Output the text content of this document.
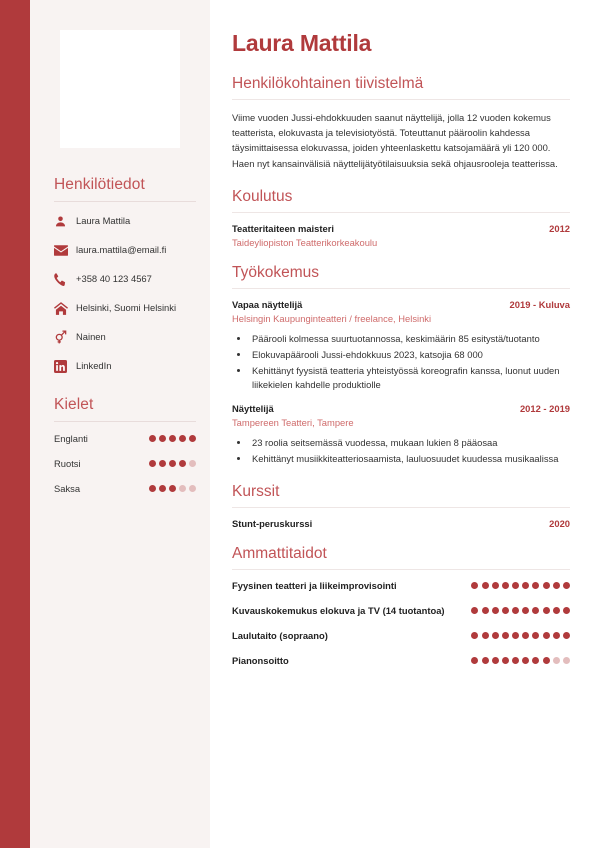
Henkilötiedot
Laura Mattila
laura.mattila@email.fi
+358 40 123 4567
Helsinki, Suomi Helsinki
Nainen
LinkedIn
Kielet
Englanti
Ruotsi
Saksa
Laura Mattila
Henkilökohtainen tiivistelmä

Viime vuoden Jussi-ehdokkuuden saanut näyttelijä, jolla 12 vuoden kokemus teatterista, elokuvasta ja televisiotyöstä. Toteuttanut pääroolin kahdessa täysimittaisessa elokuvassa, joiden yhteenlaskettu katsojamäärä yli 120 000. Haen nyt kansainvälisiä näyttelijätyötilaisuuksia sekä ohjausrooleja teatterissa.

Koulutus
Teatteritaiteen maisteri	2012
Taideyliopiston Teatterikorkeakoulu
Työkokemus
Vapaa näyttelijä	2019 - Kuluva
Helsingin Kaupunginteatteri / freelance, Helsinki
• Päärooli kolmessa suurtuotannossa, keskimäärin 85 esitystä/tuotanto
• Elokuvapäärooli Jussi-ehdokkuus 2023, katsojia 68 000
• Kehittänyt fyysistä teatteria yhteistyössä koreografin kanssa, luonut uuden liikekielen kahdelle produktiolle
Näyttelijä	2012 - 2019
Tampereen Teatteri, Tampere
• 23 roolia seitsemässä vuodessa, mukaan lukien 8 pääosaa
• Kehittänyt musiikkiteatteriosaamista, lauluosuudet kuudessa musikaalissa
Kurssit
Stunt-peruskurssi	2020
Ammattitaidot
Fyysinen teatteri ja liikeimprovisointi
Kuvauskokemukus elokuva ja TV (14 tuotantoa)
Laulutaito (sopraano)
Pianonsoitto
